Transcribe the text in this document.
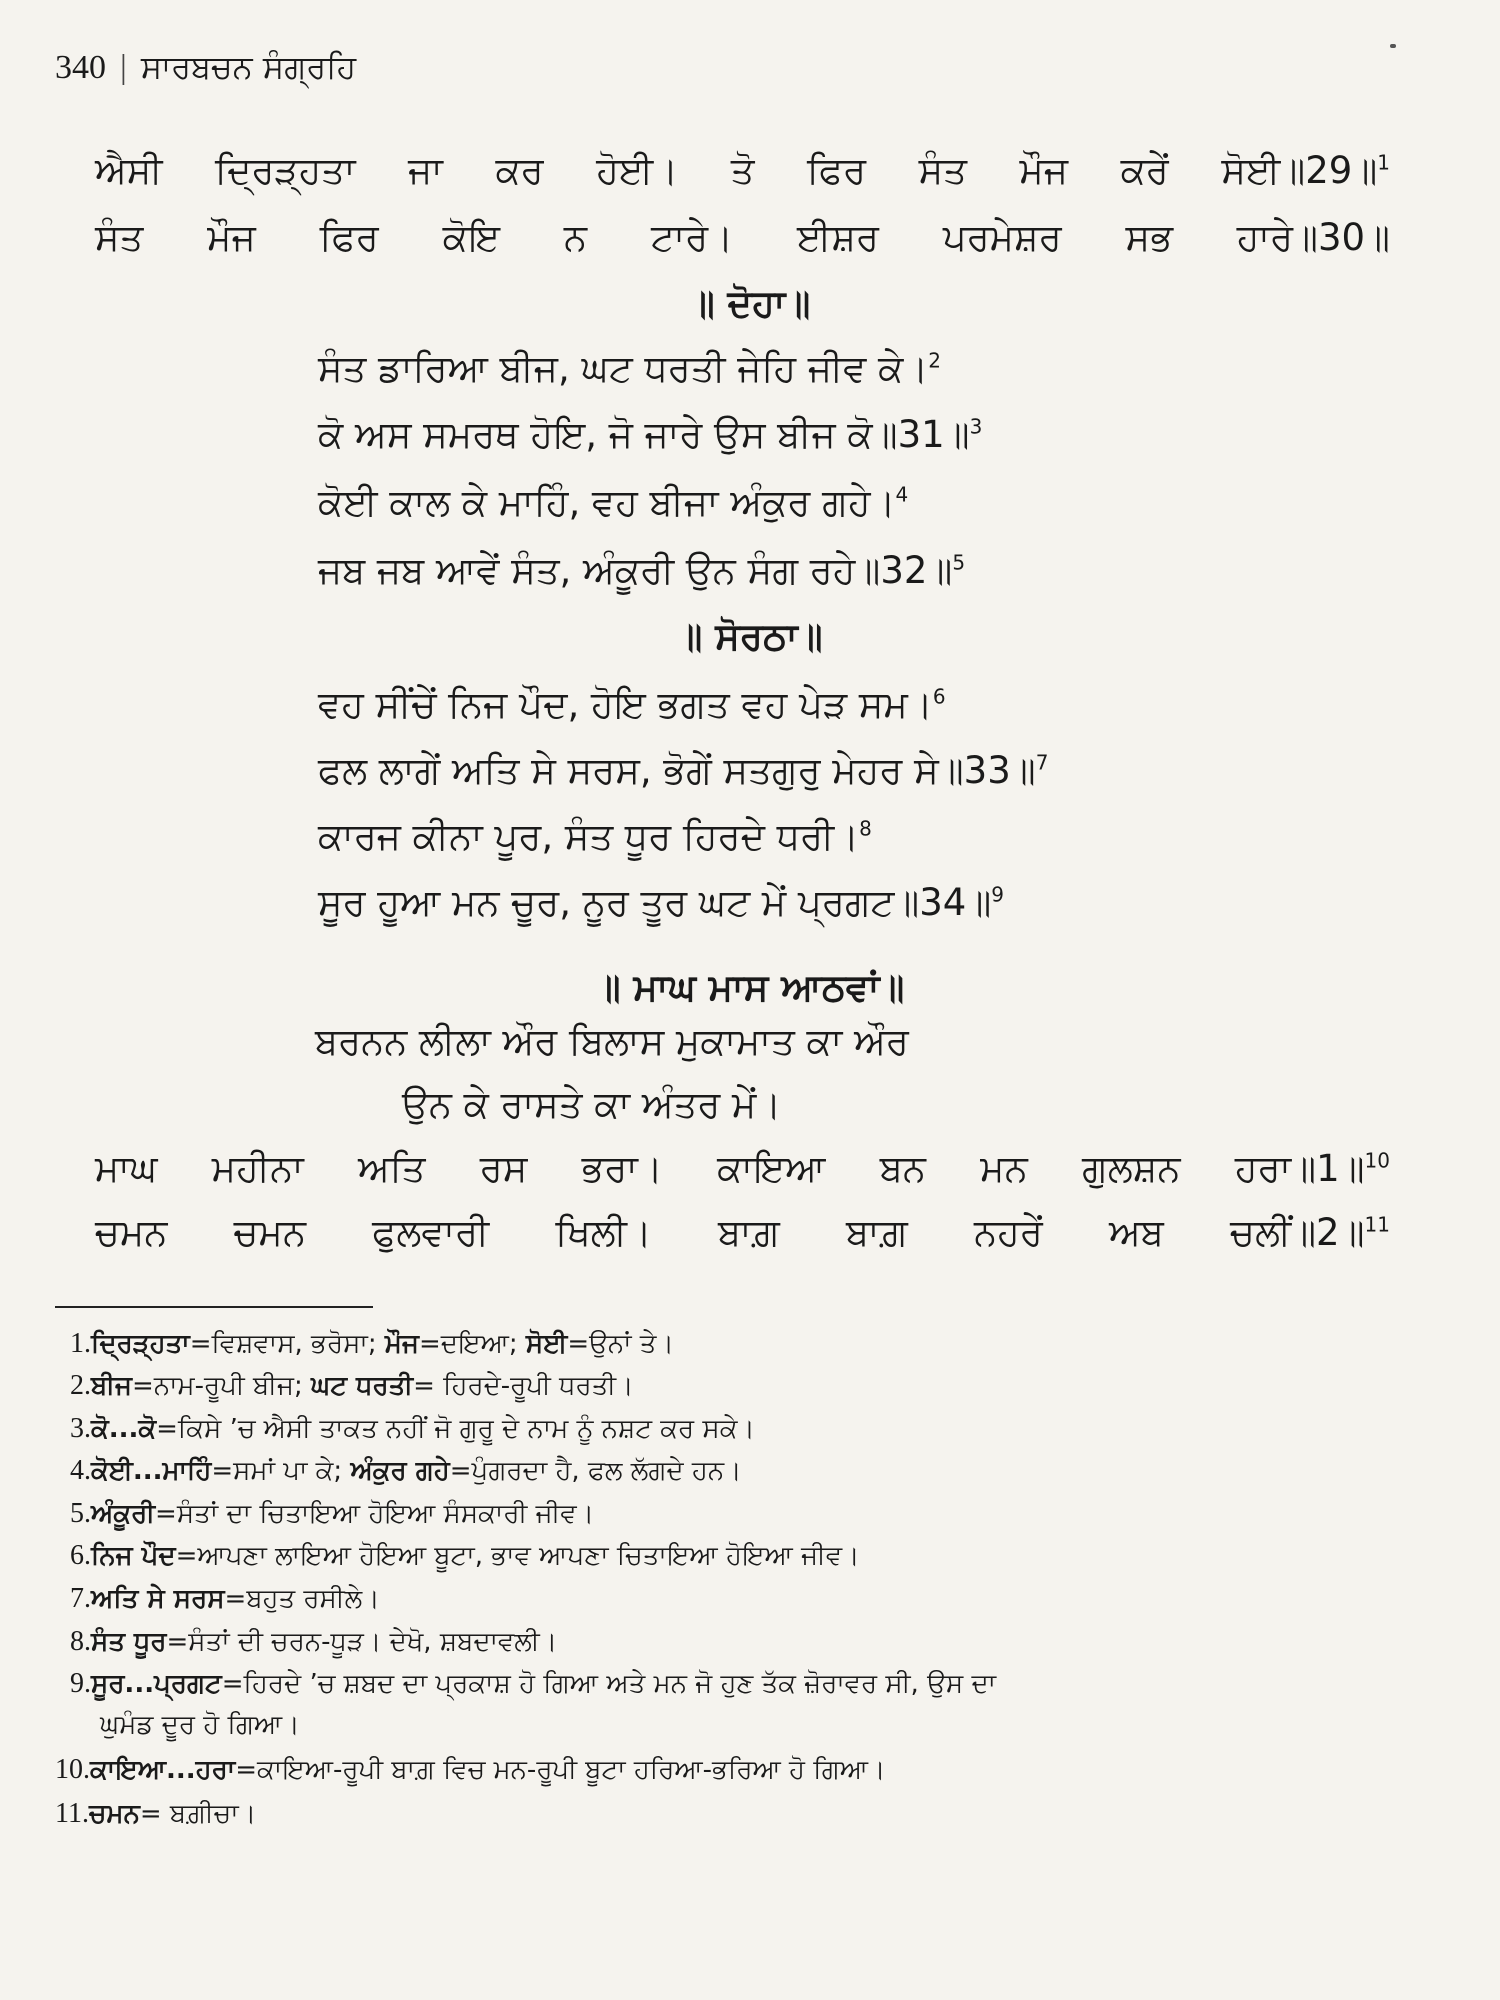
340 | ਸਾਰਬਚਨ ਸੰਗ੍ਰਹਿ
ਐਸੀ ਦ੍ਰਿੜ੍ਹਤਾ ਜਾ ਕਰ ਹੋਈ। ਤੋ ਫਿਰ ਸੰਤ ਮੌਜ ਕਰੇਂ ਸੋਈ॥29॥$^1$
ਸੰਤ ਮੌਜ ਫਿਰ ਕੋਇ ਨ ਟਾਰੇ। ਈਸ਼ਰ ਪਰਮੇਸ਼ਰ ਸਭ ਹਾਰੇ॥30॥
॥ ਦੋਹਾ॥
ਸੰਤ ਡਾਰਿਆ ਬੀਜ, ਘਟ ਧਰਤੀ ਜੇਹਿ ਜੀਵ ਕੇ।$^2$
ਕੋ ਅਸ ਸਮਰਥ ਹੋਇ, ਜੋ ਜਾਰੇ ਉਸ ਬੀਜ ਕੋ॥31॥$^3$
ਕੋਈ ਕਾਲ ਕੇ ਮਾਹਿੰ, ਵਹ ਬੀਜਾ ਅੰਕੁਰ ਗਹੇ।$^4$
ਜਬ ਜਬ ਆਵੇਂ ਸੰਤ, ਅੰਕੂਰੀ ਉਨ ਸੰਗ ਰਹੇ॥32॥$^5$
॥ ਸੋਰਠਾ॥
ਵਹ ਸੀਂਚੇਂ ਨਿਜ ਪੌਦ, ਹੋਇ ਭਗਤ ਵਹ ਪੇੜ ਸਮ।$^6$
ਫਲ ਲਾਗੇਂ ਅਤਿ ਸੇ ਸਰਸ, ਭੋਗੇਂ ਸਤਗੁਰੁ ਮੇਹਰ ਸੇ॥33॥$^7$
ਕਾਰਜ ਕੀਨਾ ਪੂਰ, ਸੰਤ ਧੂਰ ਹਿਰਦੇ ਧਰੀ।$^8$
ਸੂਰ ਹੂਆ ਮਨ ਚੂਰ, ਨੂਰ ਤੂਰ ਘਟ ਮੇਂ ਪ੍ਰਗਟ॥34॥$^9$
॥ ਮਾਘ ਮਾਸ ਆਠਵਾਂ॥
ਬਰਨਨ ਲੀਲਾ ਔਰ ਬਿਲਾਸ ਮੁਕਾਮਾਤ ਕਾ ਔਰ
ਉਨ ਕੇ ਰਾਸਤੇ ਕਾ ਅੰਤਰ ਮੇਂ।
ਮਾਘ ਮਹੀਨਾ ਅਤਿ ਰਸ ਭਰਾ। ਕਾਇਆ ਬਨ ਮਨ ਗੁਲਸ਼ਨ ਹਰਾ॥1॥$^{10}$
ਚਮਨ ਚਮਨ ਫੁਲਵਾਰੀ ਖਿਲੀ। ਬਾਗ਼ ਬਾਗ਼ ਨਹਰੇਂ ਅਬ ਚਲੀਂ॥2॥$^{11}$
1.ਦ੍ਰਿੜ੍ਹਤਾ=ਵਿਸ਼ਵਾਸ, ਭਰੋਸਾ; ਮੌਜ=ਦਇਆ; ਸੋਈ=ਉਨਾਂ ਤੇ।
2.ਬੀਜ=ਨਾਮ-ਰੂਪੀ ਬੀਜ; ਘਟ ਧਰਤੀ= ਹਿਰਦੇ-ਰੂਪੀ ਧਰਤੀ।
3.ਕੋ...ਕੋ=ਕਿਸੇ ’ਚ ਐਸੀ ਤਾਕਤ ਨਹੀਂ ਜੋ ਗੁਰੂ ਦੇ ਨਾਮ ਨੂੰ ਨਸ਼ਟ ਕਰ ਸਕੇ।
4.ਕੋਈ...ਮਾਹਿੰ=ਸਮਾਂ ਪਾ ਕੇ; ਅੰਕੁਰ ਗਹੇ=ਪੁੰਗਰਦਾ ਹੈ, ਫਲ ਲੱਗਦੇ ਹਨ।
5.ਅੰਕੂਰੀ=ਸੰਤਾਂ ਦਾ ਚਿਤਾਇਆ ਹੋਇਆ ਸੰਸਕਾਰੀ ਜੀਵ।
6.ਨਿਜ ਪੌਦ=ਆਪਣਾ ਲਾਇਆ ਹੋਇਆ ਬੂਟਾ, ਭਾਵ ਆਪਣਾ ਚਿਤਾਇਆ ਹੋਇਆ ਜੀਵ।
7.ਅਤਿ ਸੇ ਸਰਸ=ਬਹੁਤ ਰਸੀਲੇ।
8.ਸੰਤ ਧੂਰ=ਸੰਤਾਂ ਦੀ ਚਰਨ-ਧੂੜ। ਦੇਖੋ, ਸ਼ਬਦਾਵਲੀ।
9.ਸੂਰ...ਪ੍ਰਗਟ=ਹਿਰਦੇ ’ਚ ਸ਼ਬਦ ਦਾ ਪ੍ਰਕਾਸ਼ ਹੋ ਗਿਆ ਅਤੇ ਮਨ ਜੋ ਹੁਣ ਤੱਕ ਜ਼ੋਰਾਵਰ ਸੀ, ਉਸ ਦਾ
ਘੁਮੰਡ ਦੂਰ ਹੋ ਗਿਆ।
10.ਕਾਇਆ...ਹਰਾ=ਕਾਇਆ-ਰੂਪੀ ਬਾਗ਼ ਵਿਚ ਮਨ-ਰੂਪੀ ਬੂਟਾ ਹਰਿਆ-ਭਰਿਆ ਹੋ ਗਿਆ।
11.ਚਮਨ= ਬਗ਼ੀਚਾ।
